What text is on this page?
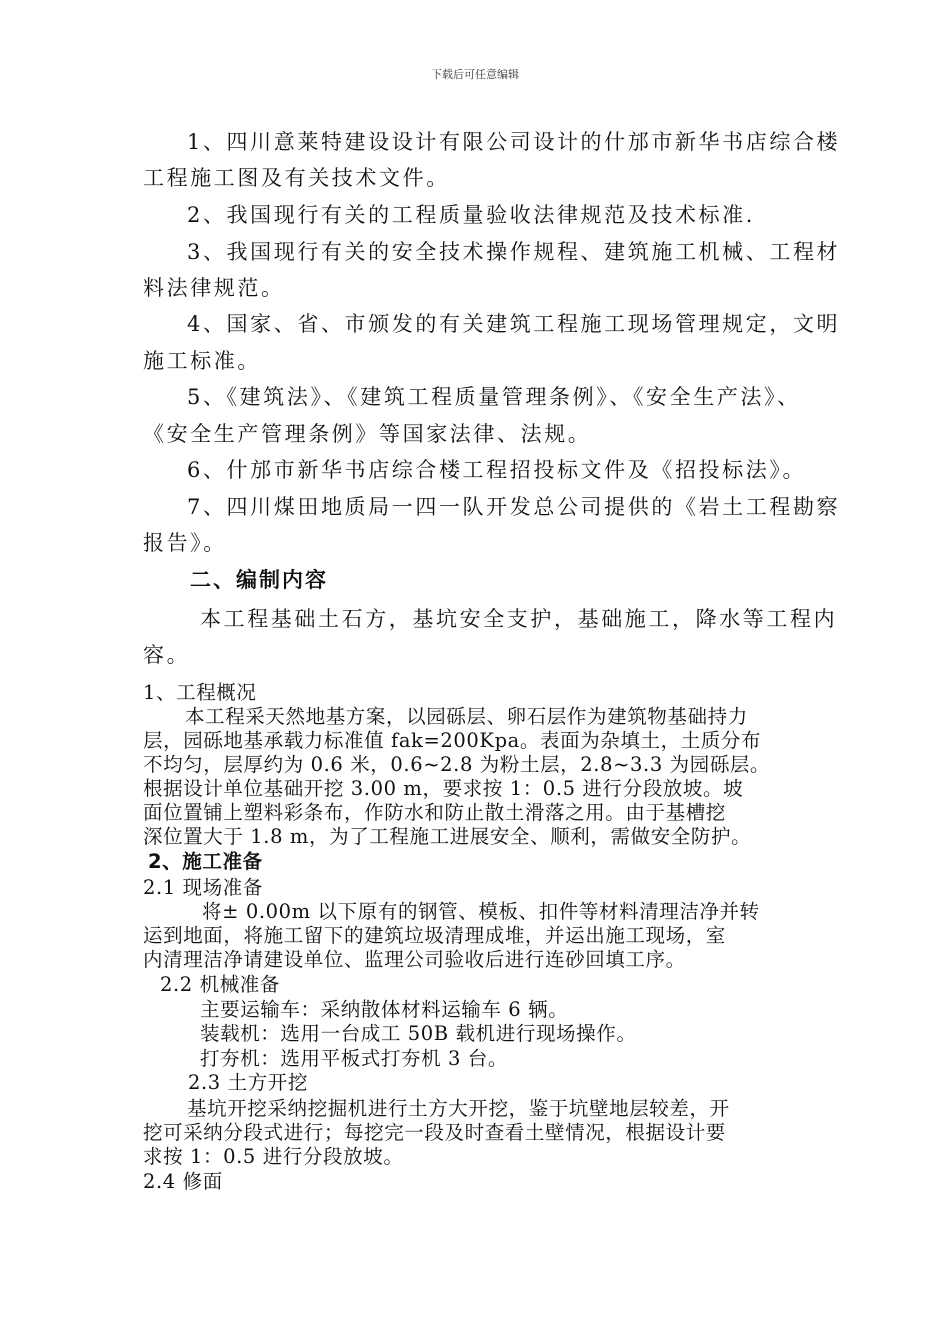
下载后可任意编辑
1、四川意莱特建设设计有限公司设计的什邡市新华书店综合楼
工程施工图及有关技术文件。
2、我国现行有关的工程质量验收法律规范及技术标准.
3、我国现行有关的安全技术操作规程、建筑施工机械、工程材
料法律规范。
4、国家、省、市颁发的有关建筑工程施工现场管理规定，文明
施工标准。
5、《建筑法》、《建筑工程质量管理条例》、《安全生产法》、
《安全生产管理条例》等国家法律、法规。
6、什邡市新华书店综合楼工程招投标文件及《招投标法》。
7、四川煤田地质局一四一队开发总公司提供的《岩土工程勘察
报告》。
二、编制内容
本工程基础土石方，基坑安全支护，基础施工，降水等工程内
容。
1、工程概况
本工程采天然地基方案，以园砾层、卵石层作为建筑物基础持力
层，园砾地基承载力标准值 fak=200Kpa。表面为杂填土，土质分布
不均匀，层厚约为 0.6 米，0.6~2.8 为粉土层，2.8~3.3 为园砾层。
根据设计单位基础开挖 3.00 m，要求按 1：0.5 进行分段放坡。坡
面位置铺上塑料彩条布，作防水和防止散土滑落之用。由于基槽挖
深位置大于 1.8 m，为了工程施工进展安全、顺利，需做安全防护。
2、施工准备
2.1 现场准备
将± 0.00m 以下原有的钢管、模板、扣件等材料清理洁净并转
运到地面，将施工留下的建筑垃圾清理成堆，并运出施工现场，室
内清理洁净请建设单位、监理公司验收后进行连砂回填工序。
2.2 机械准备
主要运输车：采纳散体材料运输车 6 辆。
装载机：选用一台成工 50B 载机进行现场操作。
打夯机：选用平板式打夯机 3 台。
2.3 土方开挖
基坑开挖采纳挖掘机进行土方大开挖，鉴于坑壁地层较差，开
挖可采纳分段式进行；每挖完一段及时查看土壁情况，根据设计要
求按 1：0.5 进行分段放坡。
2.4 修面
